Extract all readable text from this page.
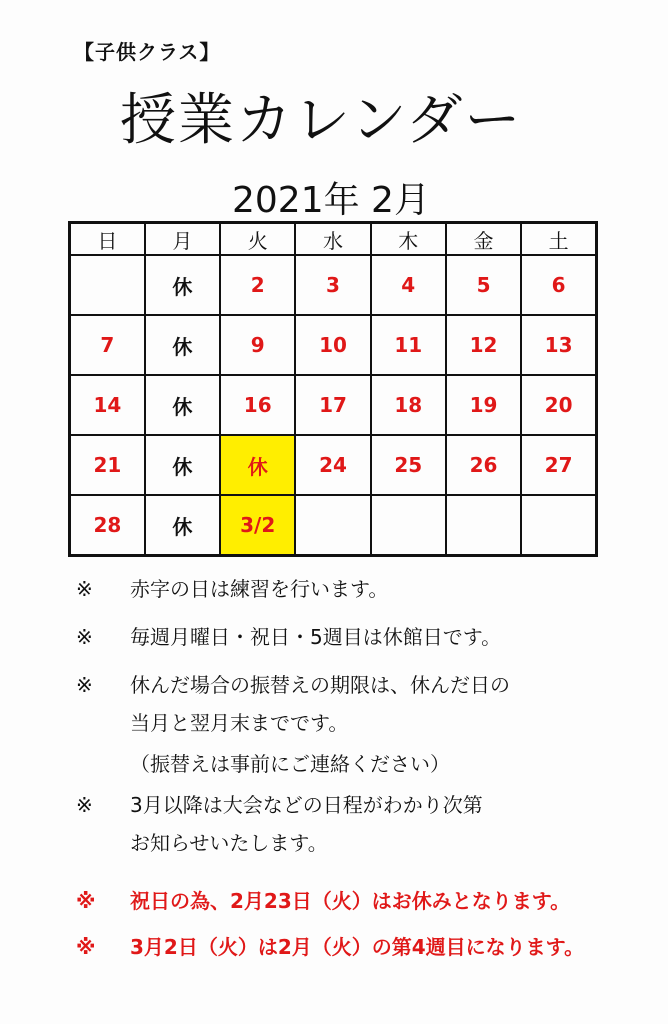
【子供クラス】
授業カレンダー
2021年 2月
日	月	火	水	木	金	土
	休	2	3	4	5	6
7	休	9	10	11	12	13
14	休	16	17	18	19	20
21	休	休	24	25	26	27
28	休	3/2				
※ 赤字の日は練習を行います。
※ 毎週月曜日・祝日・5週目は休館日です。
※ 休んだ場合の振替えの期限は、休んだ日の
当月と翌月末までです。
※ 3月以降は大会などの日程がわかり次第
お知らせいたします。
※ 祝日の為、2月23日（火）はお休みとなります。
※ 3月2日（火）は2月（火）の第4週目になります。
（振替えは事前にご連絡ください）
